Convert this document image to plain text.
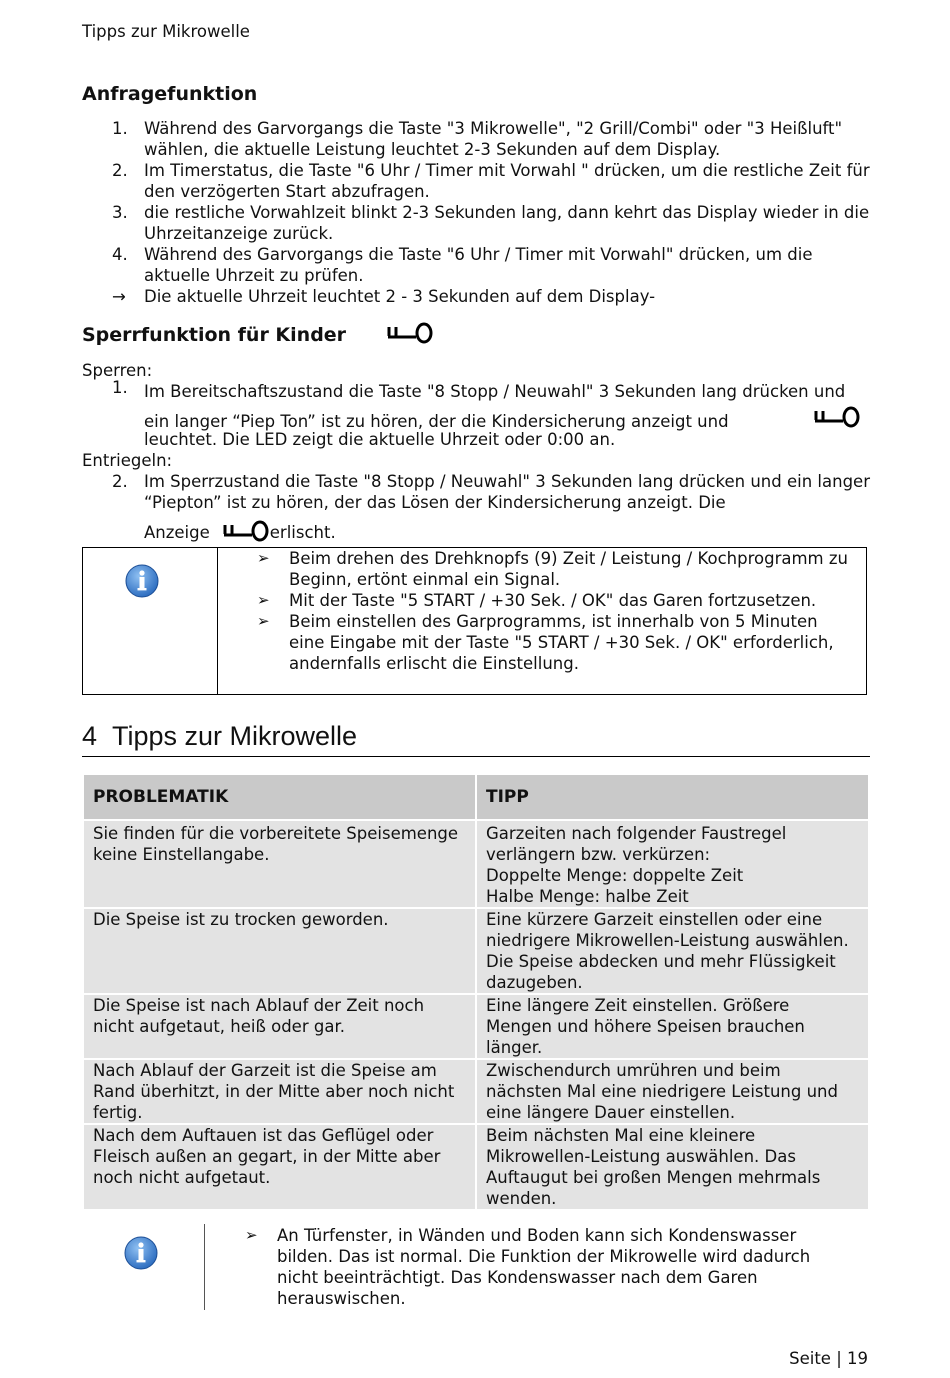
Tipps zur Mikrowelle
Anfragefunktion
1. Während des Garvorgangs die Taste "3 Mikrowelle", "2 Grill/Combi" oder "3 Heißluft" wählen, die aktuelle Leistung leuchtet 2-3 Sekunden auf dem Display.
2. Im Timerstatus, die Taste "6 Uhr / Timer mit Vorwahl " drücken, um die restliche Zeit für den verzögerten Start abzufragen.
3. die restliche Vorwahlzeit blinkt 2-3 Sekunden lang, dann kehrt das Display wieder in die Uhrzeitanzeige zurück.
4. Während des Garvorgangs die Taste "6 Uhr / Timer mit Vorwahl" drücken, um die aktuelle Uhrzeit zu prüfen.
→ Die aktuelle Uhrzeit leuchtet 2 - 3 Sekunden auf dem Display-
Sperrfunktion für Kinder
Sperren:
1. Im Bereitschaftszustand die Taste "8 Stopp / Neuwahl" 3 Sekunden lang drücken und ein langer “Piep Ton” ist zu hören, der die Kindersicherung anzeigt und
leuchtet. Die LED zeigt die aktuelle Uhrzeit oder 0:00 an.
Entriegeln:
2. Im Sperrzustand die Taste "8 Stopp / Neuwahl" 3 Sekunden lang drücken und ein langer “Piepton” ist zu hören, der das Lösen der Kindersicherung anzeigt. Die
Anzeige	erlischt.
➢ Beim drehen des Drehknopfs (9) Zeit / Leistung / Kochprogramm zu Beginn, ertönt einmal ein Signal.
➢ Mit der Taste "5 START / +30 Sek. / OK" das Garen fortzusetzen.
➢ Beim einstellen des Garprogramms, ist innerhalb von 5 Minuten eine Eingabe mit der Taste "5 START / +30 Sek. / OK" erforderlich, andernfalls erlischt die Einstellung.
4 Tipps zur Mikrowelle
PROBLEMATIK	TIPP
Sie finden für die vorbereitete Speisemenge keine Einstellangabe.	Garzeiten nach folgender Faustregel verlängern bzw. verkürzen:
Doppelte Menge: doppelte Zeit
Halbe Menge: halbe Zeit
Die Speise ist zu trocken geworden.	Eine kürzere Garzeit einstellen oder eine niedrigere Mikrowellen-Leistung auswählen. Die Speise abdecken und mehr Flüssigkeit dazugeben.
Die Speise ist nach Ablauf der Zeit noch nicht aufgetaut, heiß oder gar.	Eine längere Zeit einstellen. Größere Mengen und höhere Speisen brauchen länger.
Nach Ablauf der Garzeit ist die Speise am Rand überhitzt, in der Mitte aber noch nicht fertig.	Zwischendurch umrühren und beim nächsten Mal eine niedrigere Leistung und eine längere Dauer einstellen.
Nach dem Auftauen ist das Geflügel oder Fleisch außen an gegart, in der Mitte aber noch nicht aufgetaut.	Beim nächsten Mal eine kleinere Mikrowellen-Leistung auswählen. Das Auftaugut bei großen Mengen mehrmals wenden.
➢ An Türfenster, in Wänden und Boden kann sich Kondenswasser bilden. Das ist normal. Die Funktion der Mikrowelle wird dadurch nicht beeinträchtigt. Das Kondenswasser nach dem Garen herauswischen.
Seite | 19
